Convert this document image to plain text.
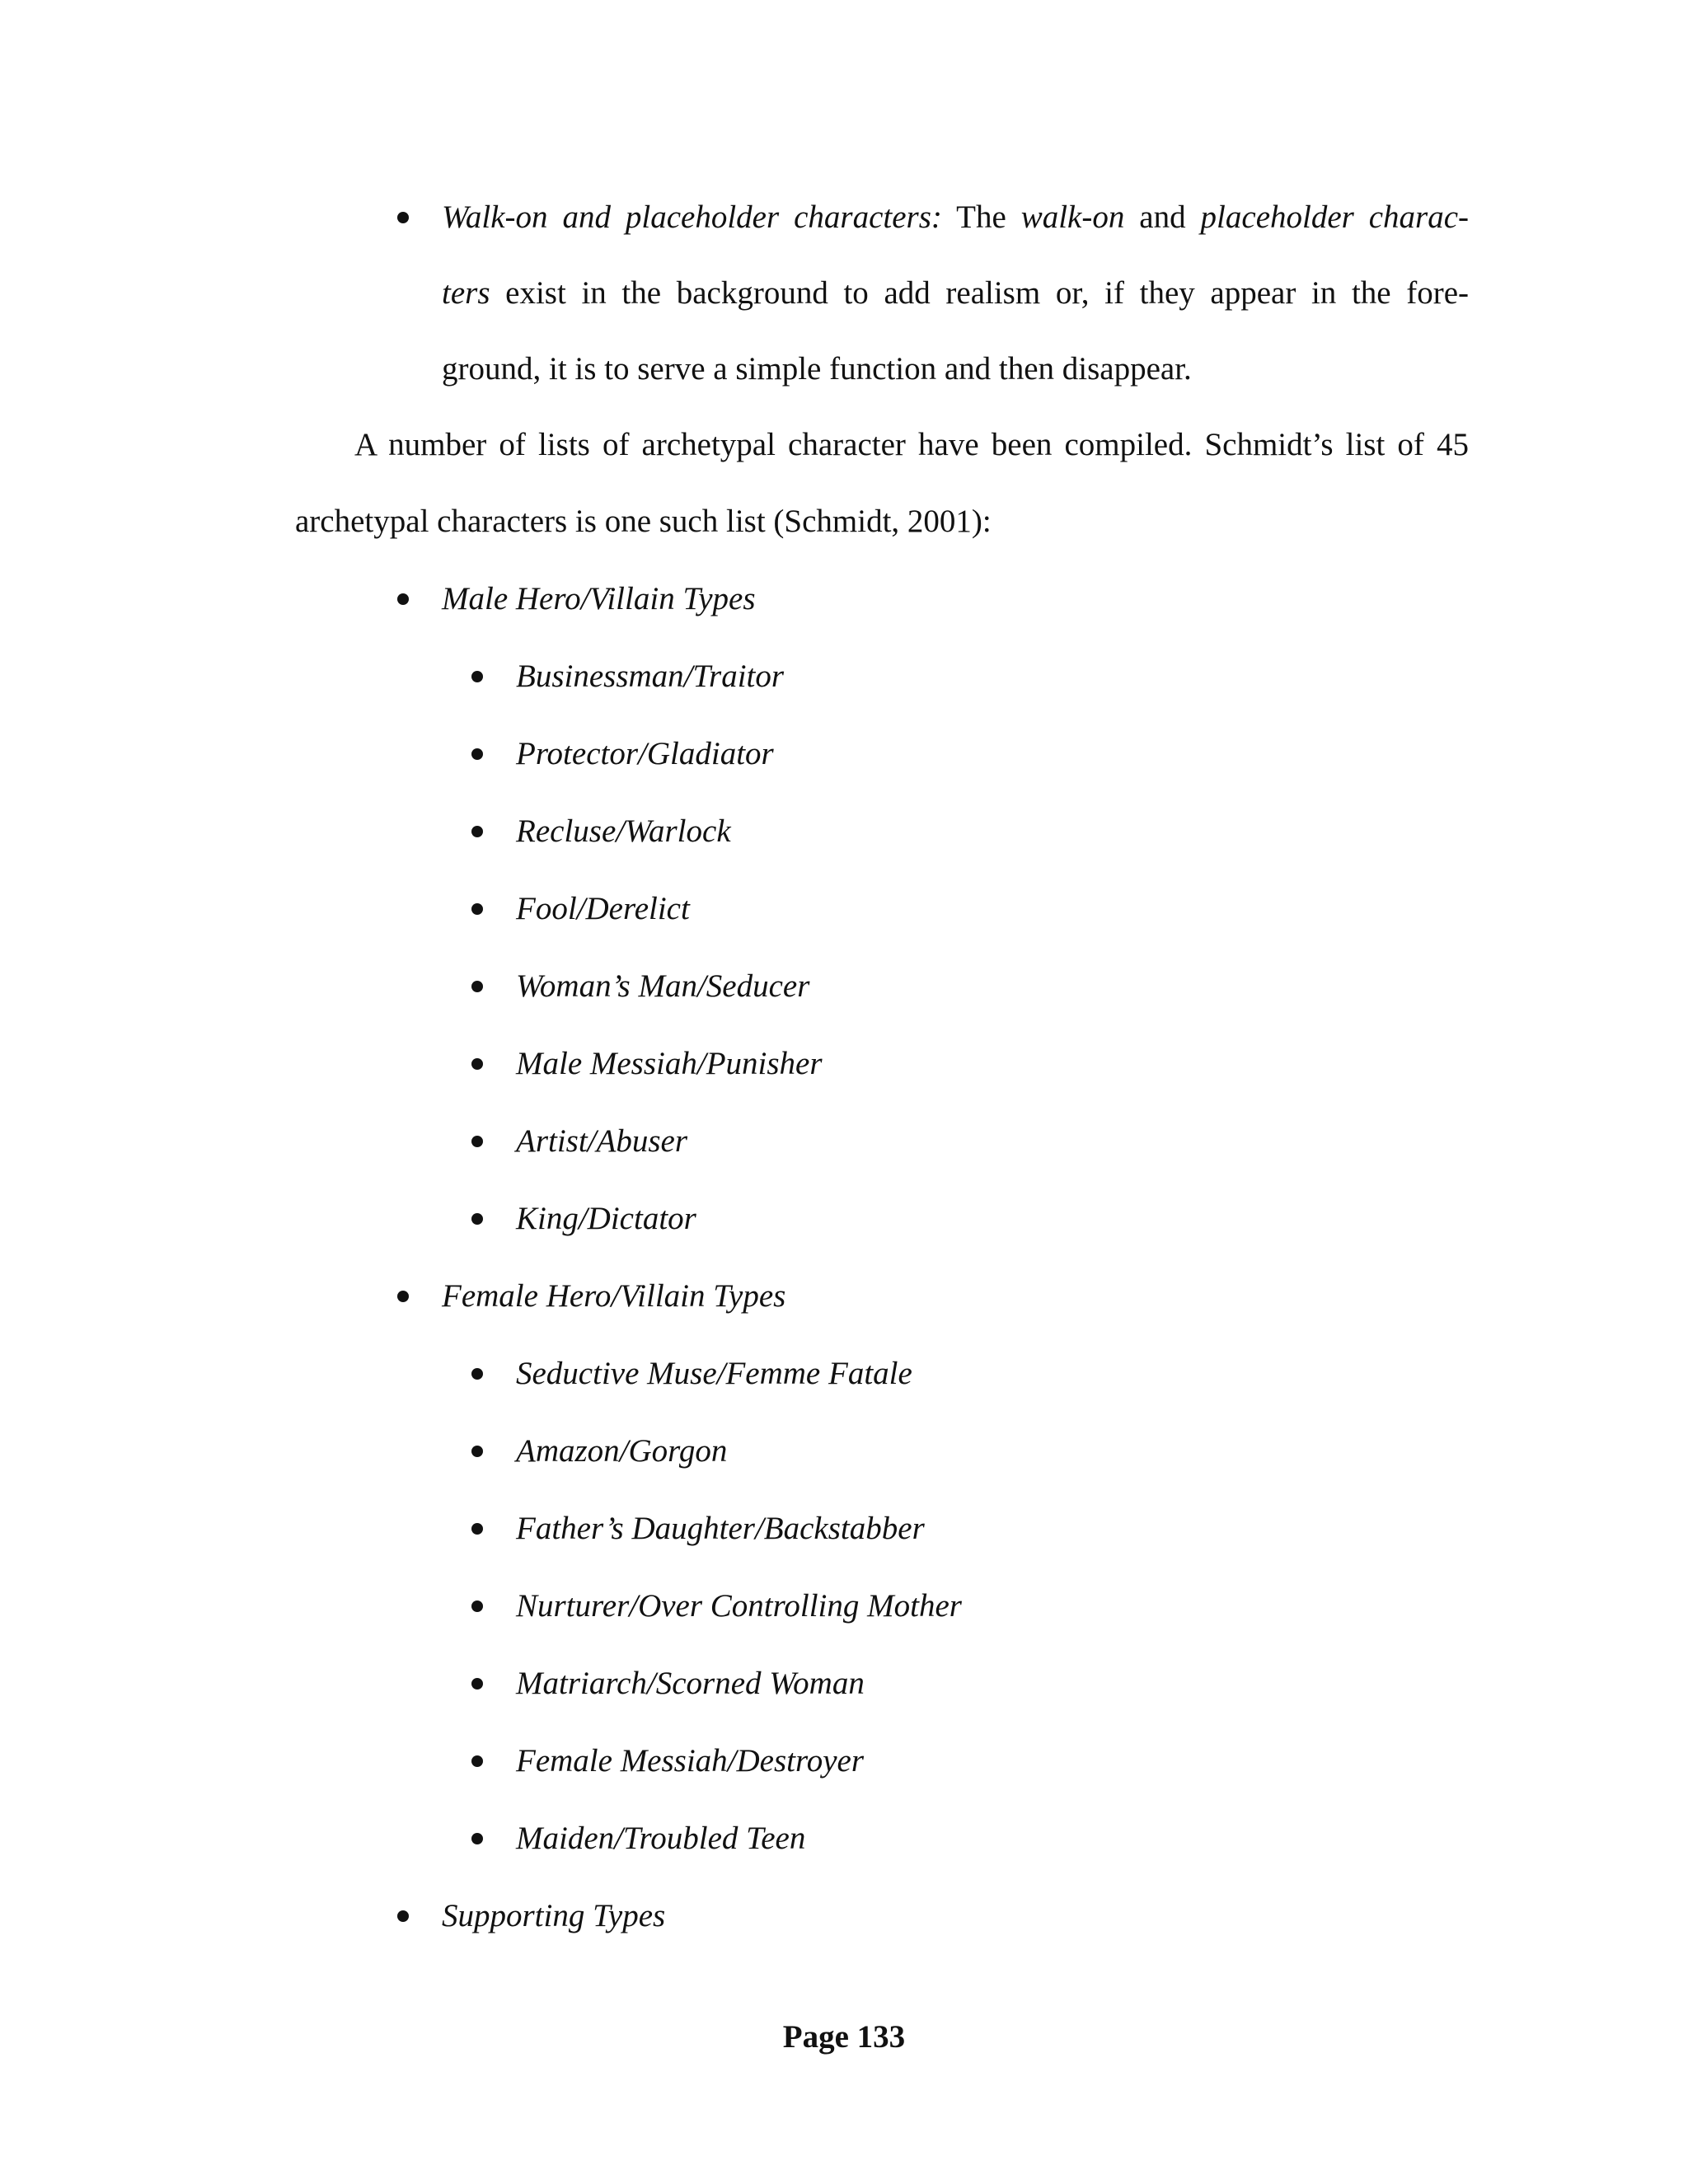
Walk-on and placeholder characters: The walk-on and placeholder charac-

ters exist in the background to add realism or, if they appear in the fore-

ground, it is to serve a simple function and then disappear.

A number of lists of archetypal character have been compiled. Schmidt’s list of 45

archetypal characters is one such list (Schmidt, 2001):

Male Hero/Villain Types

Businessman/Traitor

Protector/Gladiator

Recluse/Warlock

Fool/Derelict

Woman’s Man/Seducer

Male Messiah/Punisher

Artist/Abuser

King/Dictator

Female Hero/Villain Types

Seductive Muse/Femme Fatale

Amazon/Gorgon

Father’s Daughter/Backstabber

Nurturer/Over Controlling Mother

Matriarch/Scorned Woman

Female Messiah/Destroyer

Maiden/Troubled Teen

Supporting Types

Page 133
